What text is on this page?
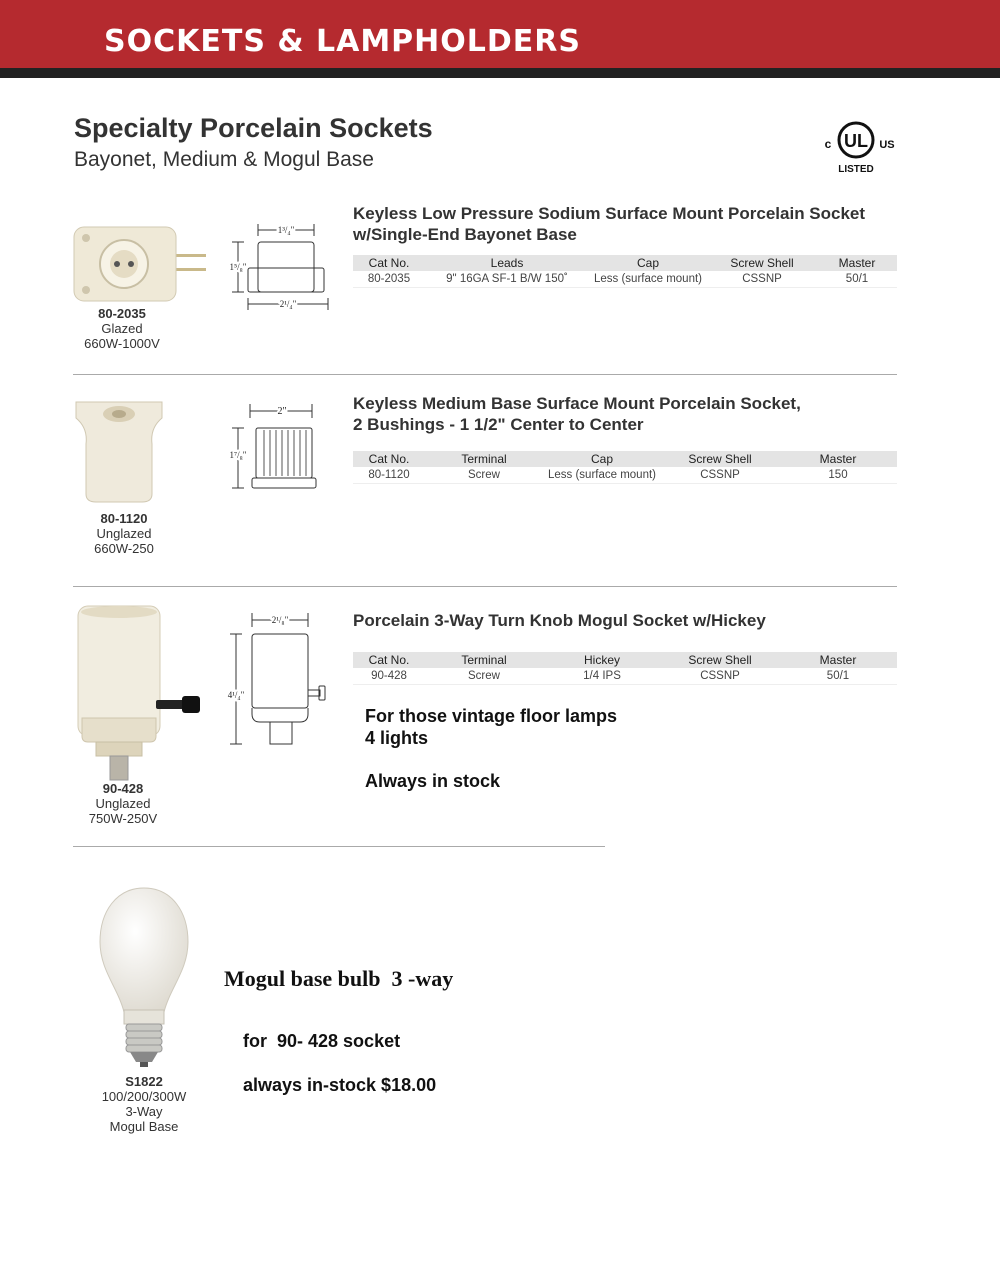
SOCKETS & LAMPHOLDERS
Specialty Porcelain Sockets
Bayonet, Medium & Mogul Base
UL
c	US
LISTED
80-2035
Glazed
660W-1000V
1³/₄"
1⁵/₈"
2¹/₄"
Keyless Low Pressure Sodium Surface Mount Porcelain Socket
w/Single-End Bayonet Base
Cat No.	Leads	Cap	Screw Shell	Master
80-2035	9" 16GA SF-1 B/W 150˚	Less (surface mount)	CSSNP	50/1
80-1120
Unglazed
660W-250
2"
1⁷/₈"
Keyless Medium Base Surface Mount Porcelain Socket,
2 Bushings - 1 1/2" Center to Center
Cat No.	Terminal	Cap	Screw Shell	Master
80-1120	Screw	Less (surface mount)	CSSNP	150
90-428
Unglazed
750W-250V
2¹/₈"
4¹/₄"
Porcelain 3-Way Turn Knob Mogul Socket w/Hickey
Cat No.	Terminal	Hickey	Screw Shell	Master
90-428	Screw	1/4 IPS	CSSNP	50/1
For those vintage floor lamps
4 lights
Always in stock
S1822
100/200/300W
3-Way
Mogul Base
Mogul base bulb  3 -way
for  90- 428 socket
always in-stock $18.00
